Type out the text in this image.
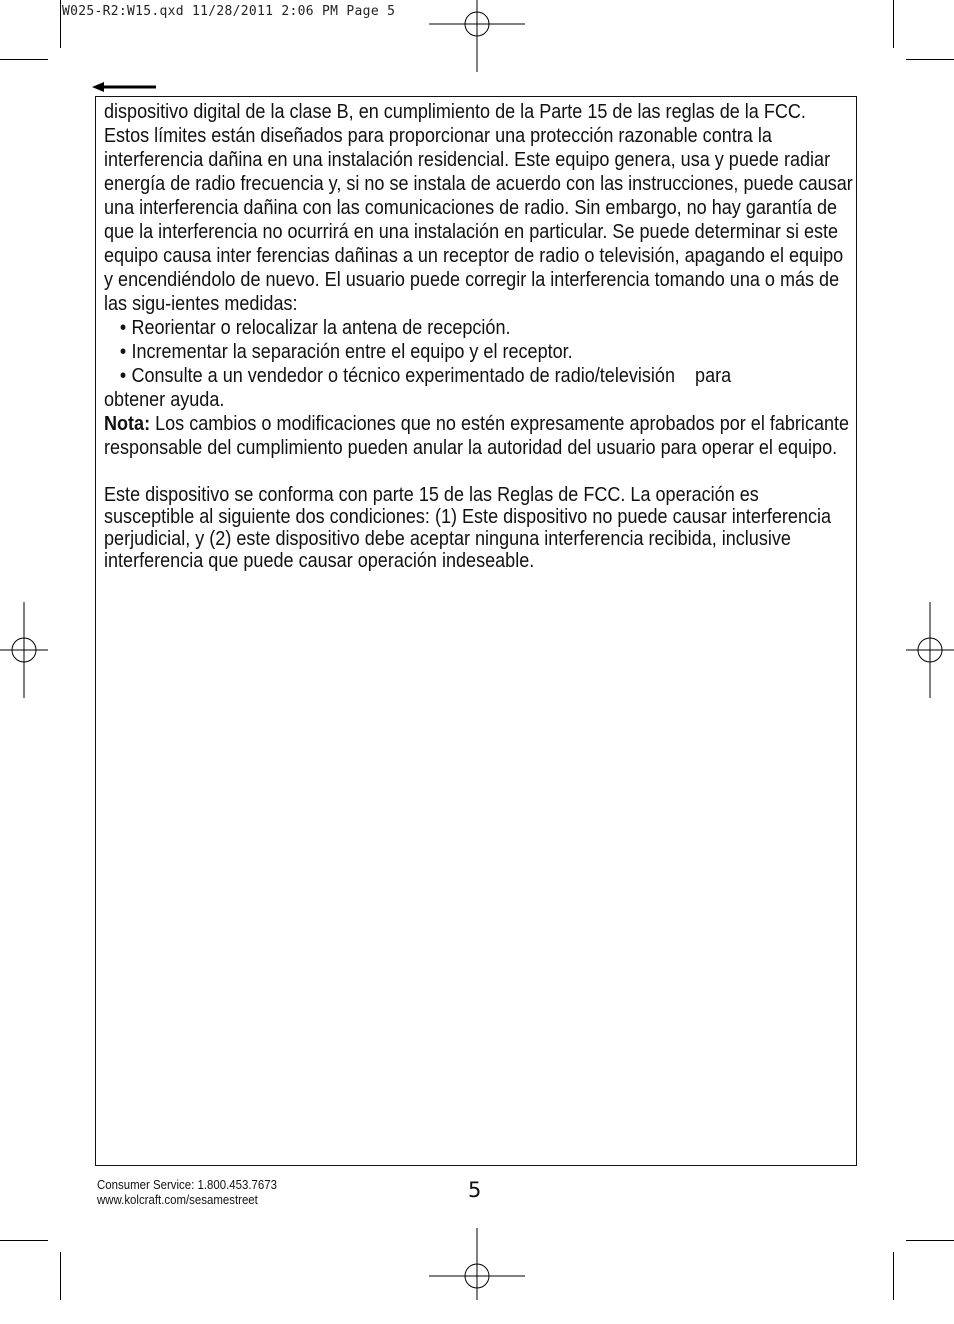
W025-R2:W15.qxd 11/28/2011 2:06 PM Page 5

dispositivo digital de la clase B, en cumplimiento de la Parte 15 de las reglas de la FCC. Estos límites están diseñados para proporcionar una protección razonable contra la interferencia dañina en una instalación residencial. Este equipo genera, usa y puede radiar energía de radio frecuencia y, si no se instala de acuerdo con las instrucciones, puede causar una interferencia dañina con las comunicaciones de radio. Sin embargo, no hay garantía de que la interferencia no ocurrirá en una instalación en particular. Se puede determinar si este equipo causa inter ferencias dañinas a un receptor de radio o televisión, apagando el equipo y encendiéndolo de nuevo. El usuario puede corregir la interferencia tomando una o más de las sigu-ientes medidas:

• Reorientar o relocalizar la antena de recepción.
• Incrementar la separación entre el equipo y el receptor.
• Consulte a un vendedor o técnico experimentado de radio/televisión    para

obtener ayuda.

Nota: Los cambios o modificaciones que no estén expresamente aprobados por el fabricante responsable del cumplimiento pueden anular la autoridad del usuario para operar el equipo.

Este dispositivo se conforma con parte 15 de las Reglas de FCC. La operación es susceptible al siguiente dos condiciones: (1) Este dispositivo no puede causar interferencia perjudicial, y (2) este dispositivo debe aceptar ninguna interferencia recibida, inclusive interferencia que puede causar operación indeseable.

Consumer Service: 1.800.453.7673
www.kolcraft.com/sesamestreet	5
